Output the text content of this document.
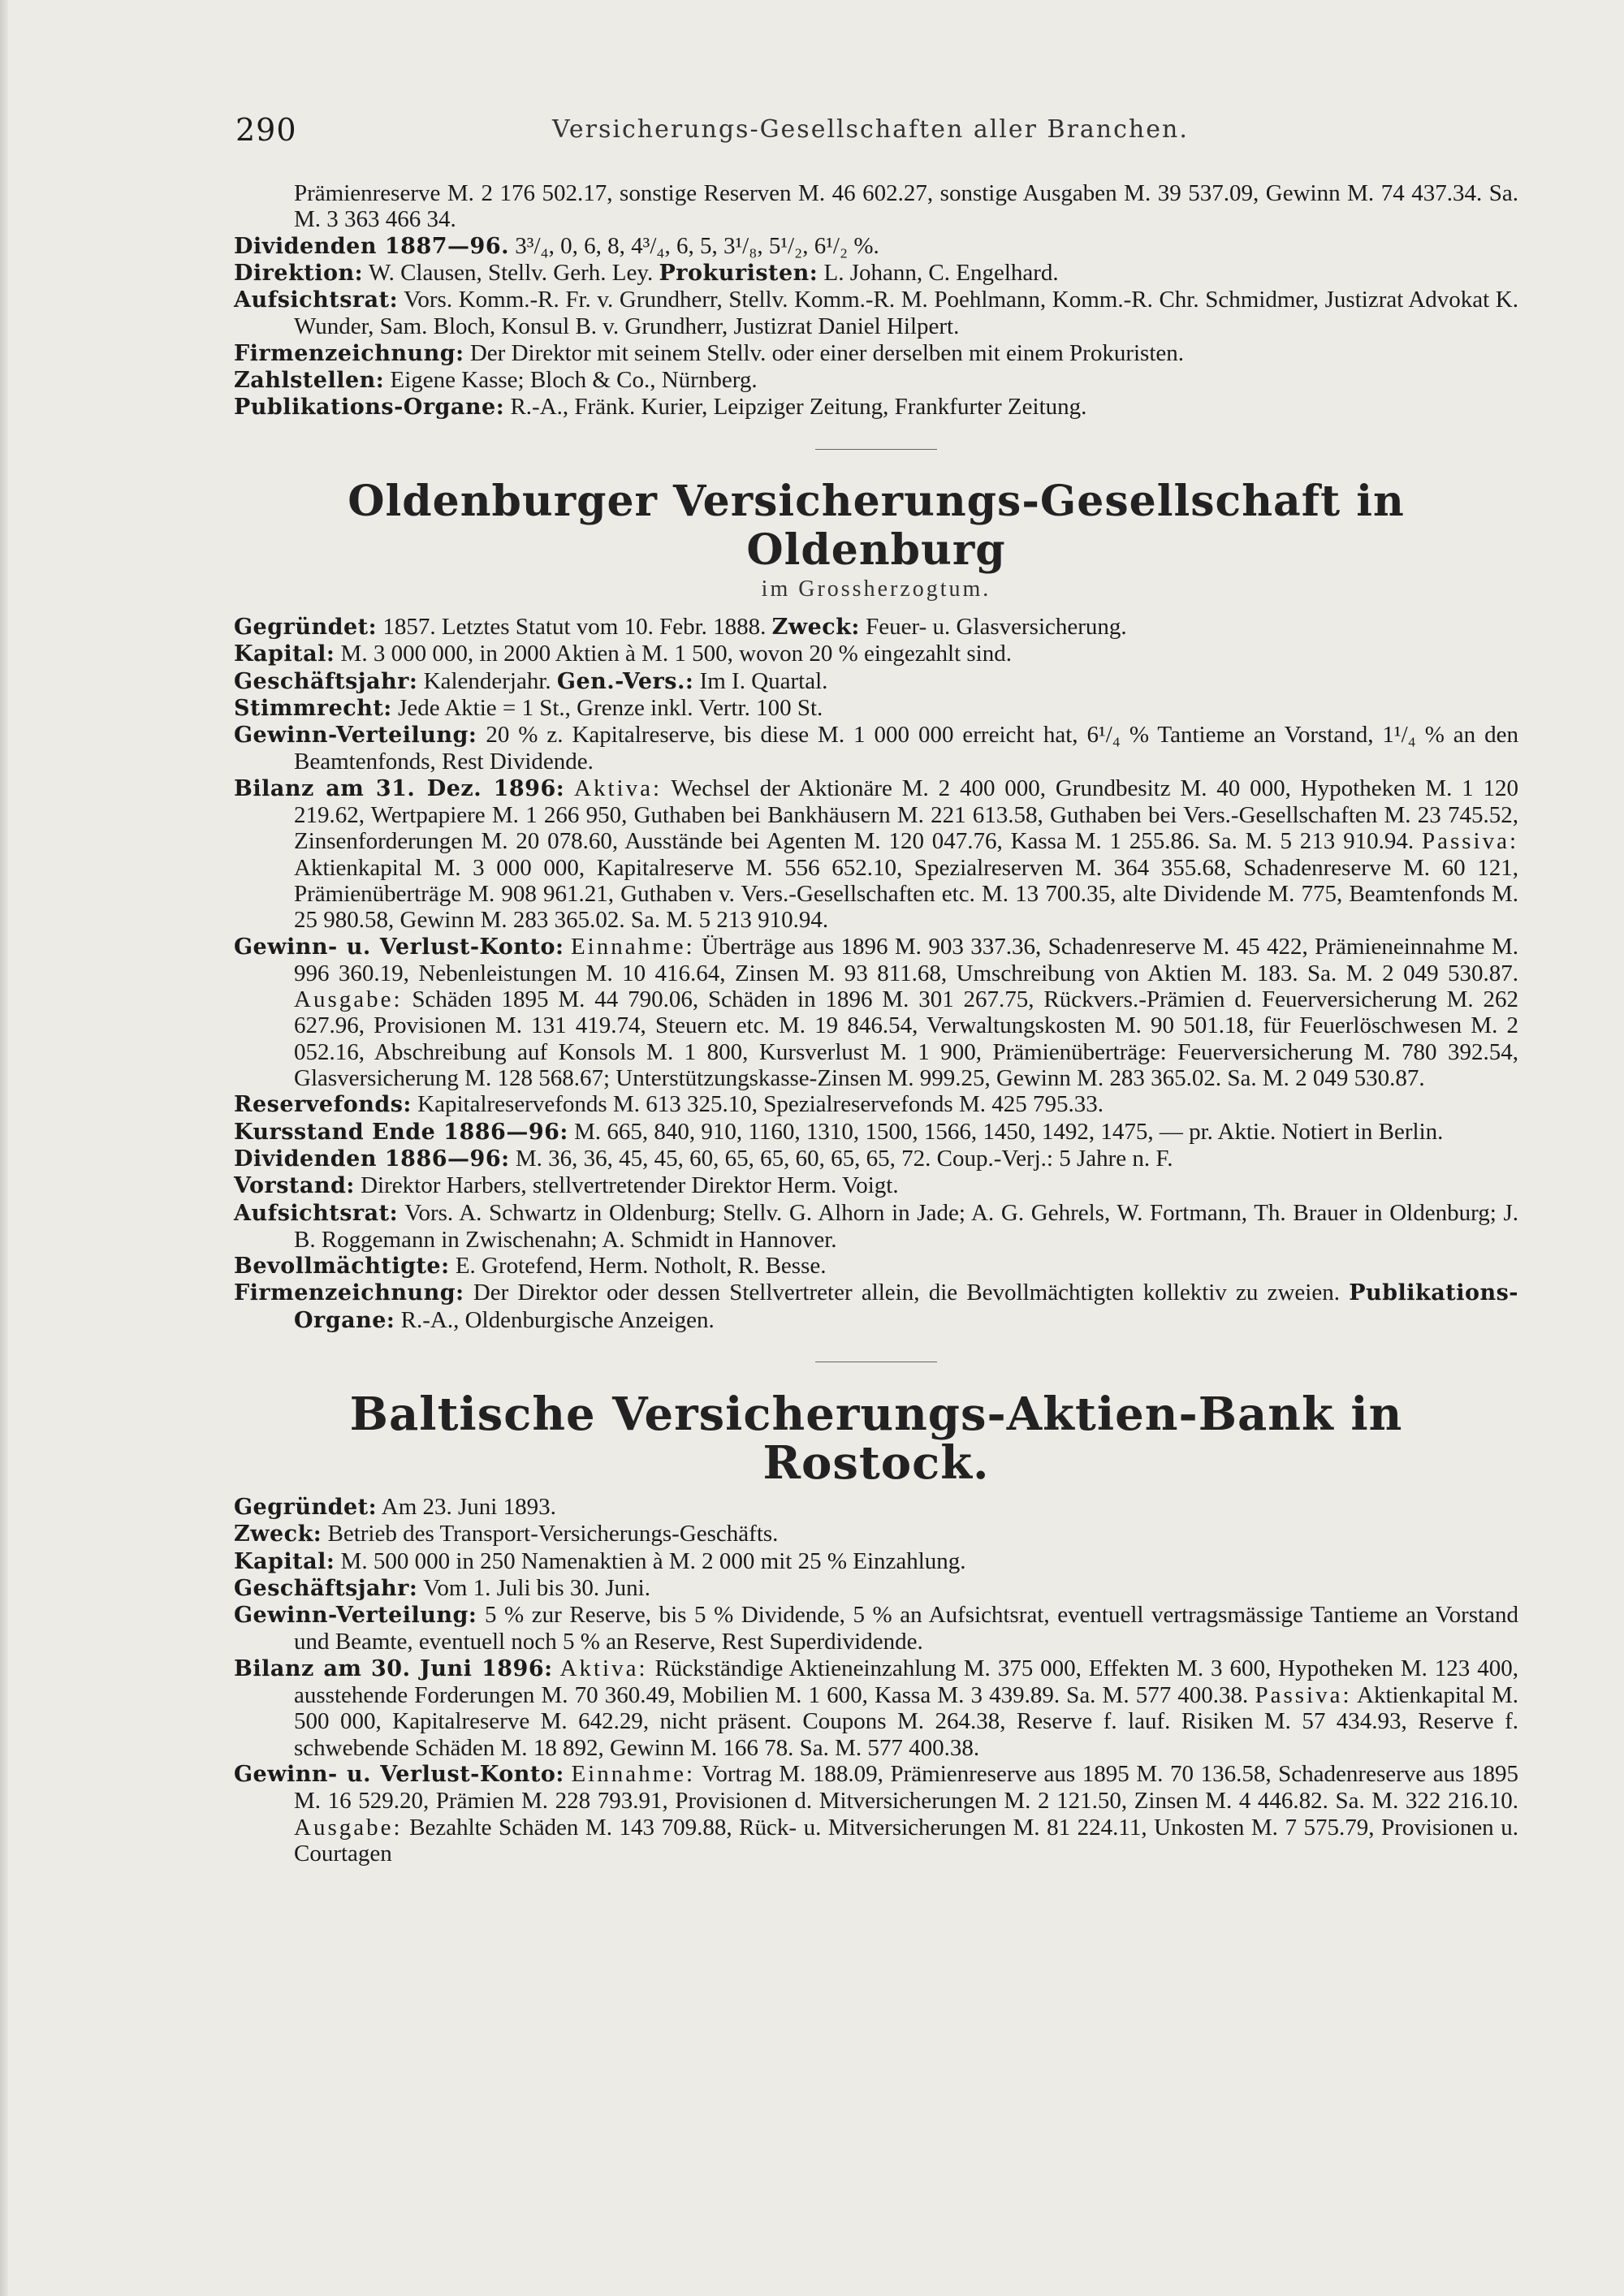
290	Versicherungs-Gesellschaften aller Branchen.

Prämienreserve M. 2 176 502.17, sonstige Reserven M. 46 602.27, sonstige Ausgaben M. 39 537.09, Gewinn M. 74 437.34. Sa. M. 3 363 466 34.

Dividenden 1887—96. 3³/₄, 0, 6, 8, 4³/₄, 6, 5, 3¹/₈, 5¹/₂, 6¹/₂ %.

Direktion: W. Clausen, Stellv. Gerh. Ley. Prokuristen: L. Johann, C. Engelhard.

Aufsichtsrat: Vors. Komm.-R. Fr. v. Grundherr, Stellv. Komm.-R. M. Poehlmann, Komm.-R. Chr. Schmidmer, Justizrat Advokat K. Wunder, Sam. Bloch, Konsul B. v. Grundherr, Justizrat Daniel Hilpert.

Firmenzeichnung: Der Direktor mit seinem Stellv. oder einer derselben mit einem Prokuristen.

Zahlstellen: Eigene Kasse; Bloch & Co., Nürnberg.

Publikations-Organe: R.-A., Fränk. Kurier, Leipziger Zeitung, Frankfurter Zeitung.

Oldenburger Versicherungs-Gesellschaft in Oldenburg

im Grossherzogtum.

Gegründet: 1857. Letztes Statut vom 10. Febr. 1888. Zweck: Feuer- u. Glasversicherung.

Kapital: M. 3 000 000, in 2000 Aktien à M. 1 500, wovon 20 % eingezahlt sind.

Geschäftsjahr: Kalenderjahr. Gen.-Vers.: Im I. Quartal.

Stimmrecht: Jede Aktie = 1 St., Grenze inkl. Vertr. 100 St.

Gewinn-Verteilung: 20 % z. Kapitalreserve, bis diese M. 1 000 000 erreicht hat, 6¹/₄ % Tantieme an Vorstand, 1¹/₄ % an den Beamtenfonds, Rest Dividende.

Bilanz am 31. Dez. 1896: Aktiva: Wechsel der Aktionäre M. 2 400 000, Grundbesitz M. 40 000, Hypotheken M. 1 120 219.62, Wertpapiere M. 1 266 950, Guthaben bei Bankhäusern M. 221 613.58, Guthaben bei Vers.-Gesellschaften M. 23 745.52, Zinsenforderungen M. 20 078.60, Ausstände bei Agenten M. 120 047.76, Kassa M. 1 255.86. Sa. M. 5 213 910.94. Passiva: Aktienkapital M. 3 000 000, Kapitalreserve M. 556 652.10, Spezialreserven M. 364 355.68, Schadenreserve M. 60 121, Prämienüberträge M. 908 961.21, Guthaben v. Vers.-Gesellschaften etc. M. 13 700.35, alte Dividende M. 775, Beamtenfonds M. 25 980.58, Gewinn M. 283 365.02. Sa. M. 5 213 910.94.

Gewinn- u. Verlust-Konto: Einnahme: Überträge aus 1896 M. 903 337.36, Schadenreserve M. 45 422, Prämieneinnahme M. 996 360.19, Nebenleistungen M. 10 416.64, Zinsen M. 93 811.68, Umschreibung von Aktien M. 183. Sa. M. 2 049 530.87. Ausgabe: Schäden 1895 M. 44 790.06, Schäden in 1896 M. 301 267.75, Rückvers.-Prämien d. Feuerversicherung M. 262 627.96, Provisionen M. 131 419.74, Steuern etc. M. 19 846.54, Verwaltungskosten M. 90 501.18, für Feuerlöschwesen M. 2 052.16, Abschreibung auf Konsols M. 1 800, Kursverlust M. 1 900, Prämienüberträge: Feuerversicherung M. 780 392.54, Glasversicherung M. 128 568.67; Unterstützungskasse-Zinsen M. 999.25, Gewinn M. 283 365.02. Sa. M. 2 049 530.87.

Reservefonds: Kapitalreservefonds M. 613 325.10, Spezialreservefonds M. 425 795.33.

Kursstand Ende 1886—96: M. 665, 840, 910, 1160, 1310, 1500, 1566, 1450, 1492, 1475, — pr. Aktie. Notiert in Berlin.

Dividenden 1886—96: M. 36, 36, 45, 45, 60, 65, 65, 60, 65, 65, 72. Coup.-Verj.: 5 Jahre n. F.

Vorstand: Direktor Harbers, stellvertretender Direktor Herm. Voigt.

Aufsichtsrat: Vors. A. Schwartz in Oldenburg; Stellv. G. Alhorn in Jade; A. G. Gehrels, W. Fortmann, Th. Brauer in Oldenburg; J. B. Roggemann in Zwischenahn; A. Schmidt in Hannover.

Bevollmächtigte: E. Grotefend, Herm. Notholt, R. Besse.

Firmenzeichnung: Der Direktor oder dessen Stellvertreter allein, die Bevollmächtigten kollektiv zu zweien. Publikations-Organe: R.-A., Oldenburgische Anzeigen.

Baltische Versicherungs-Aktien-Bank in Rostock.

Gegründet: Am 23. Juni 1893.

Zweck: Betrieb des Transport-Versicherungs-Geschäfts.

Kapital: M. 500 000 in 250 Namenaktien à M. 2 000 mit 25 % Einzahlung.

Geschäftsjahr: Vom 1. Juli bis 30. Juni.

Gewinn-Verteilung: 5 % zur Reserve, bis 5 % Dividende, 5 % an Aufsichtsrat, eventuell vertragsmässige Tantieme an Vorstand und Beamte, eventuell noch 5 % an Reserve, Rest Superdividende.

Bilanz am 30. Juni 1896: Aktiva: Rückständige Aktieneinzahlung M. 375 000, Effekten M. 3 600, Hypotheken M. 123 400, ausstehende Forderungen M. 70 360.49, Mobilien M. 1 600, Kassa M. 3 439.89. Sa. M. 577 400.38. Passiva: Aktienkapital M. 500 000, Kapitalreserve M. 642.29, nicht präsent. Coupons M. 264.38, Reserve f. lauf. Risiken M. 57 434.93, Reserve f. schwebende Schäden M. 18 892, Gewinn M. 166 78. Sa. M. 577 400.38.

Gewinn- u. Verlust-Konto: Einnahme: Vortrag M. 188.09, Prämienreserve aus 1895 M. 70 136.58, Schadenreserve aus 1895 M. 16 529.20, Prämien M. 228 793.91, Provisionen d. Mitversicherungen M. 2 121.50, Zinsen M. 4 446.82. Sa. M. 322 216.10. Ausgabe: Bezahlte Schäden M. 143 709.88, Rück- u. Mitversicherungen M. 81 224.11, Unkosten M. 7 575.79, Provisionen u. Courtagen
